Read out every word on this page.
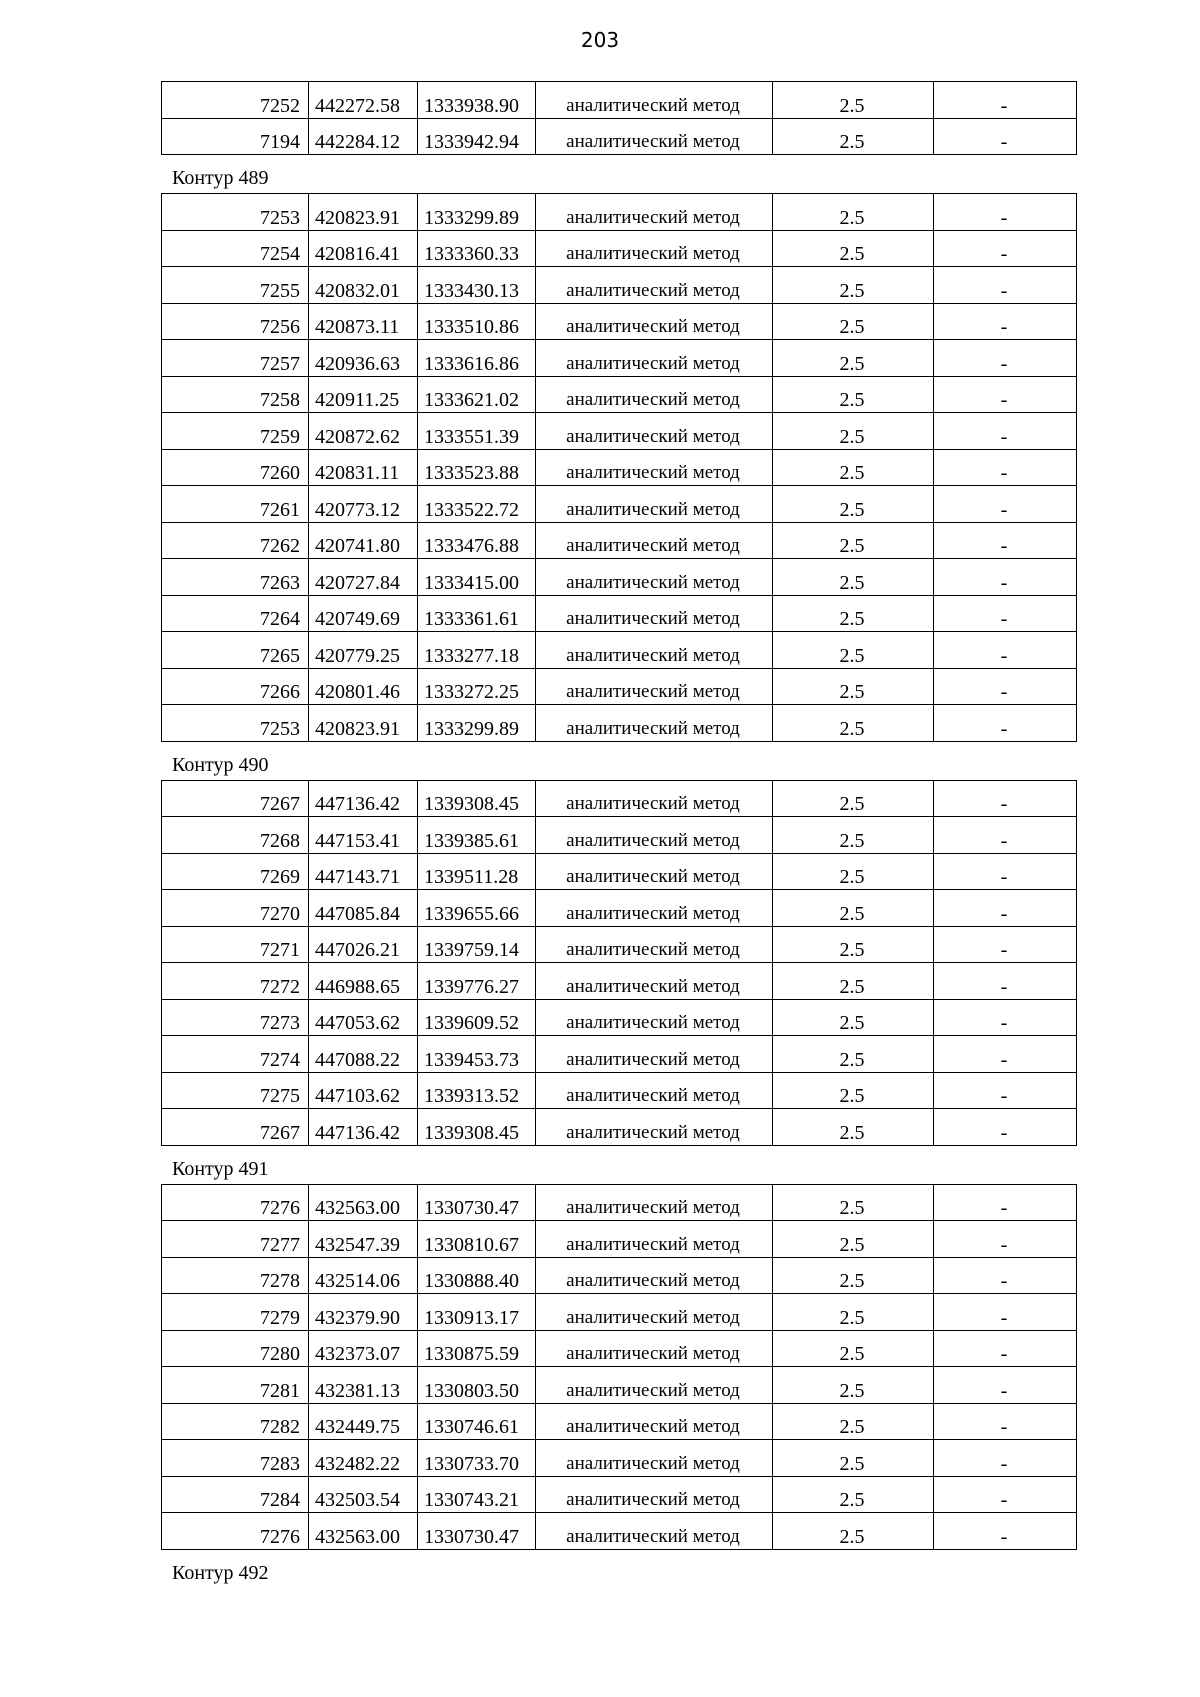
203
7252	442272.58	1333938.90	аналитический метод	2.5	-
7194	442284.12	1333942.94	аналитический метод	2.5	-
Контур 489
7253	420823.91	1333299.89	аналитический метод	2.5	-
7254	420816.41	1333360.33	аналитический метод	2.5	-
7255	420832.01	1333430.13	аналитический метод	2.5	-
7256	420873.11	1333510.86	аналитический метод	2.5	-
7257	420936.63	1333616.86	аналитический метод	2.5	-
7258	420911.25	1333621.02	аналитический метод	2.5	-
7259	420872.62	1333551.39	аналитический метод	2.5	-
7260	420831.11	1333523.88	аналитический метод	2.5	-
7261	420773.12	1333522.72	аналитический метод	2.5	-
7262	420741.80	1333476.88	аналитический метод	2.5	-
7263	420727.84	1333415.00	аналитический метод	2.5	-
7264	420749.69	1333361.61	аналитический метод	2.5	-
7265	420779.25	1333277.18	аналитический метод	2.5	-
7266	420801.46	1333272.25	аналитический метод	2.5	-
7253	420823.91	1333299.89	аналитический метод	2.5	-
Контур 490
7267	447136.42	1339308.45	аналитический метод	2.5	-
7268	447153.41	1339385.61	аналитический метод	2.5	-
7269	447143.71	1339511.28	аналитический метод	2.5	-
7270	447085.84	1339655.66	аналитический метод	2.5	-
7271	447026.21	1339759.14	аналитический метод	2.5	-
7272	446988.65	1339776.27	аналитический метод	2.5	-
7273	447053.62	1339609.52	аналитический метод	2.5	-
7274	447088.22	1339453.73	аналитический метод	2.5	-
7275	447103.62	1339313.52	аналитический метод	2.5	-
7267	447136.42	1339308.45	аналитический метод	2.5	-
Контур 491
7276	432563.00	1330730.47	аналитический метод	2.5	-
7277	432547.39	1330810.67	аналитический метод	2.5	-
7278	432514.06	1330888.40	аналитический метод	2.5	-
7279	432379.90	1330913.17	аналитический метод	2.5	-
7280	432373.07	1330875.59	аналитический метод	2.5	-
7281	432381.13	1330803.50	аналитический метод	2.5	-
7282	432449.75	1330746.61	аналитический метод	2.5	-
7283	432482.22	1330733.70	аналитический метод	2.5	-
7284	432503.54	1330743.21	аналитический метод	2.5	-
7276	432563.00	1330730.47	аналитический метод	2.5	-
Контур 492
